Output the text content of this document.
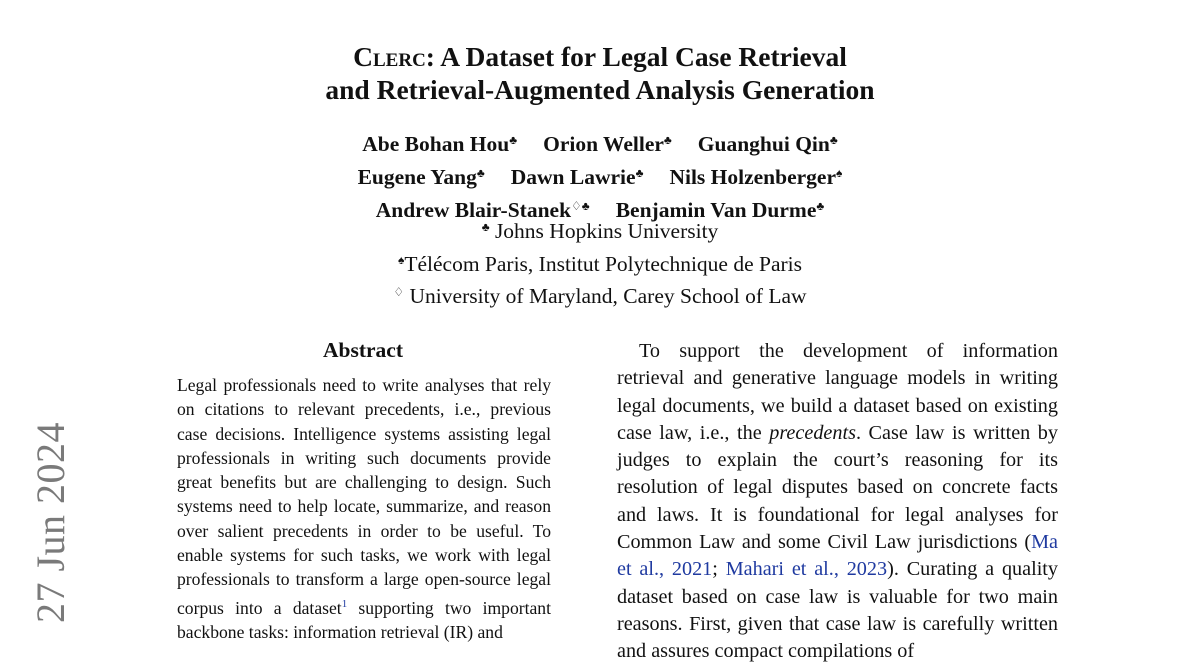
Clerc: A Dataset for Legal Case Retrieval
and Retrieval-Augmented Analysis Generation
Abe Bohan Hou♣ Orion Weller♣ Guanghui Qin♣
Eugene Yang♣ Dawn Lawrie♣ Nils Holzenberger♠
Andrew Blair-Stanek♢♣ Benjamin Van Durme♣
♣ Johns Hopkins University
♠Télécom Paris, Institut Polytechnique de Paris
♢ University of Maryland, Carey School of Law
27 Jun 2024
Abstract
Legal professionals need to write analyses that rely on citations to relevant precedents, i.e., previous case decisions. Intelligence systems assisting legal professionals in writing such documents provide great benefits but are challenging to design. Such systems need to help locate, summarize, and reason over salient precedents in order to be useful. To enable systems for such tasks, we work with legal professionals to transform a large open-source legal corpus into a dataset$^1$ supporting two important backbone tasks: information retrieval (IR) and
To support the development of information retrieval and generative language models in writing legal documents, we build a dataset based on existing case law, i.e., the precedents. Case law is written by judges to explain the court’s reasoning for its resolution of legal disputes based on concrete facts and laws. It is foundational for legal analyses for Common Law and some Civil Law jurisdictions (Ma et al., 2021; Mahari et al., 2023). Curating a quality dataset based on case law is valuable for two main reasons. First, given that case law is carefully written and assures compact compilations of
